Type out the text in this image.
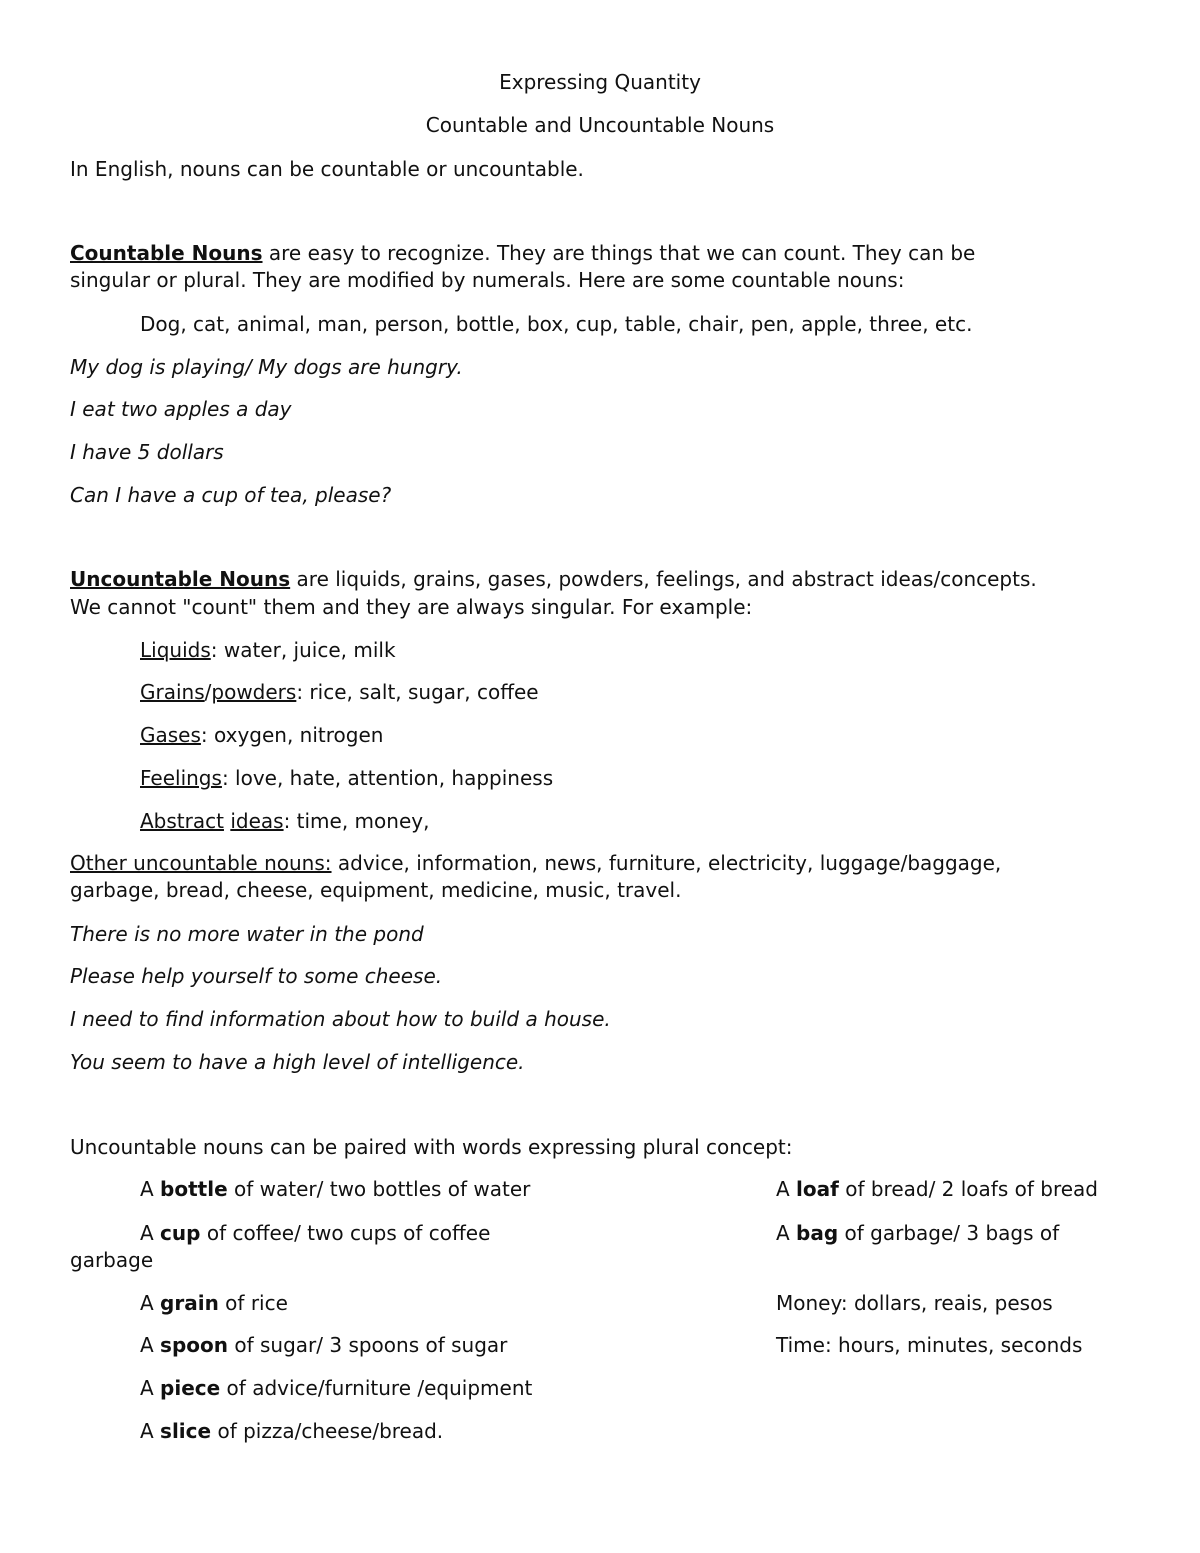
Expressing Quantity
Countable and Uncountable Nouns
In English, nouns can be countable or uncountable.
Countable Nouns are easy to recognize. They are things that we can count. They can be
singular or plural. They are modified by numerals. Here are some countable nouns:
Dog, cat, animal, man, person, bottle, box, cup, table, chair, pen, apple, three, etc.
My dog is playing/ My dogs are hungry.
I eat two apples a day
I have 5 dollars
Can I have a cup of tea, please?
Uncountable Nouns are liquids, grains, gases, powders, feelings, and abstract ideas/concepts.
We cannot "count" them and they are always singular. For example:
Liquids: water, juice, milk
Grains/powders: rice, salt, sugar, coffee
Gases: oxygen, nitrogen
Feelings: love, hate, attention, happiness
Abstract ideas: time, money,
Other uncountable nouns: advice, information, news, furniture, electricity, luggage/baggage,
garbage, bread, cheese, equipment, medicine, music, travel.
There is no more water in the pond
Please help yourself to some cheese.
I need to find information about how to build a house.
You seem to have a high level of intelligence.
Uncountable nouns can be paired with words expressing plural concept:
A bottle of water/ two bottles of water	A loaf of bread/ 2 loafs of bread
A cup of coffee/ two cups of coffee	A bag of garbage/ 3 bags of
garbage
A grain of rice	Money: dollars, reais, pesos
A spoon of sugar/ 3 spoons of sugar	Time: hours, minutes, seconds
A piece of advice/furniture /equipment
A slice of pizza/cheese/bread.
